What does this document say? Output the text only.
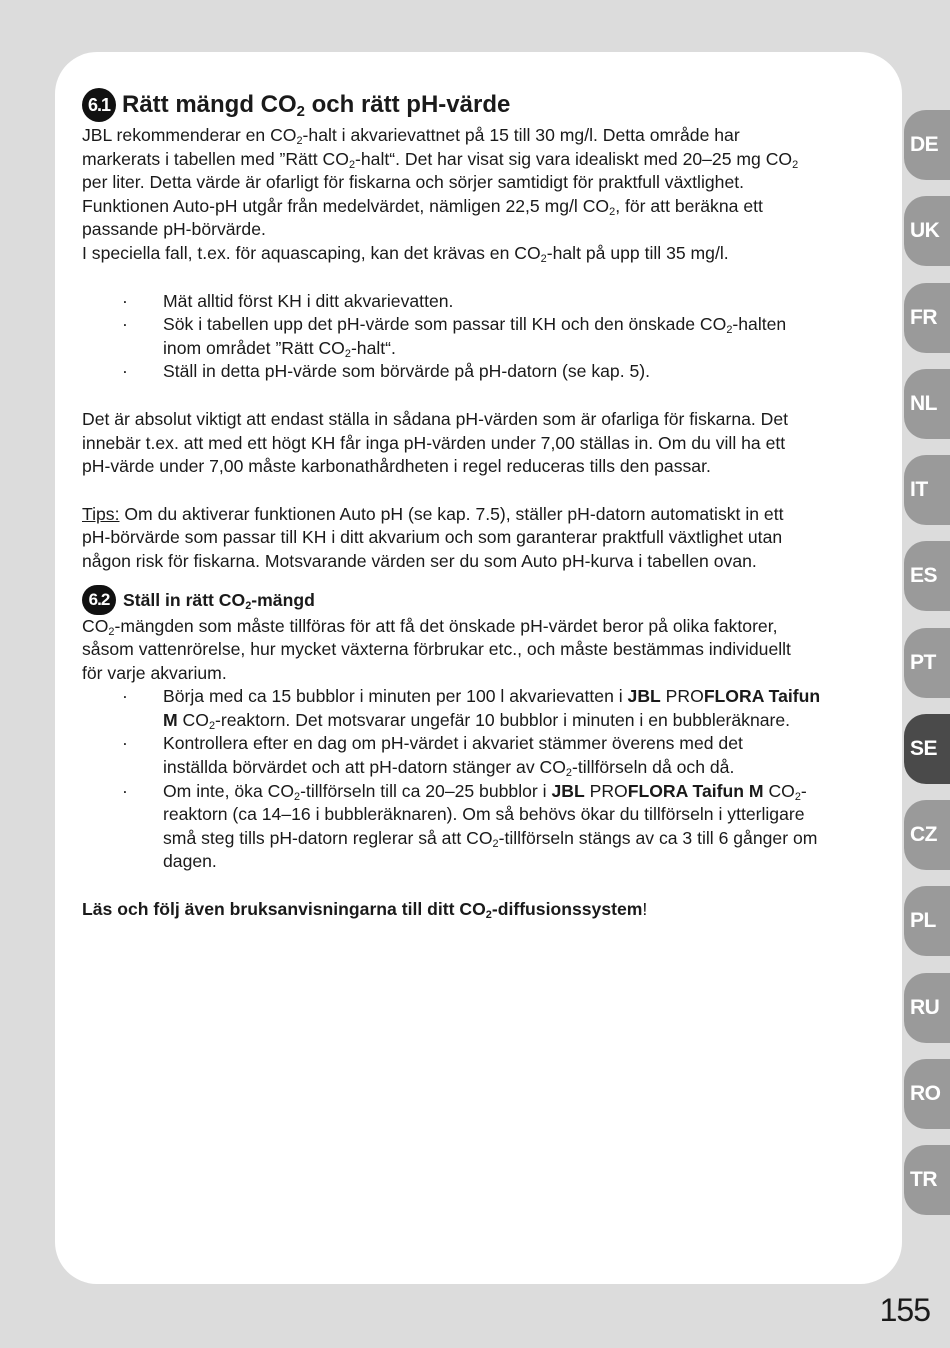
6.1 Rätt mängd $CO_2$ och rätt pH-värde

JBL rekommenderar en $CO_2$-halt i akvarievattnet på 15 till 30 mg/l. Detta område har

markerats i tabellen med ”Rätt $CO_2-halt“$. Det har visat sig vara idealiskt med 20–25 mg $CO_2$

per liter. Detta värde är ofarligt för fiskarna och sörjer samtidigt för praktfull växtlighet.

Funktionen Auto-pH utgår från medelvärdet, nämligen 22,5 mg/l $CO_2$, för att beräkna ett

passande pH-börvärde.

I speciella fall, t.ex. för aquascaping, kan det krävas en $CO_2$-halt på upp till 35 mg/l.

· Mät alltid först KH i ditt akvarievatten.
· Sök i tabellen upp det pH-värde som passar till KH och den önskade $CO_2$-halten
inom området ”Rätt $CO_2-halt“$.
· Ställ in detta pH-värde som börvärde på pH-datorn (se kap. 5).

Det är absolut viktigt att endast ställa in sådana pH-värden som är ofarliga för fiskarna. Det

innebär t.ex. att med ett högt KH får inga pH-värden under 7,00 ställas in. Om du vill ha ett

pH-värde under 7,00 måste karbonathårdheten i regel reduceras tills den passar.

Tips: Om du aktiverar funktionen Auto pH (se kap. 7.5), ställer pH-datorn automatiskt in ett

pH-börvärde som passar till KH i ditt akvarium och som garanterar praktfull växtlighet utan

någon risk för fiskarna. Motsvarande värden ser du som Auto pH-kurva i tabellen ovan.

6.2 Ställ in rätt $CO_2$-mängd

$CO_2$-mängden som måste tillföras för att få det önskade pH-värdet beror på olika faktorer,

såsom vattenrörelse, hur mycket växterna förbrukar etc., och måste bestämmas individuellt

för varje akvarium.

· Börja med ca 15 bubblor i minuten per 100 l akvarievatten i JBL PROFLORA Taifun
M $CO_2$-reaktorn. Det motsvarar ungefär 10 bubblor i minuten i en bubbleräknare.
· Kontrollera efter en dag om pH-värdet i akvariet stämmer överens med det
inställda börvärdet och att pH-datorn stänger av $CO_2$-tillförseln då och då.
· Om inte, öka $CO_2$-tillförseln till ca 20–25 bubblor i JBL PROFLORA Taifun M $CO_2-$
reaktorn (ca 14–16 i bubbleräknaren). Om så behövs ökar du tillförseln i ytterligare
små steg tills pH-datorn reglerar så att $CO_2$-tillförseln stängs av ca 3 till 6 gånger om
dagen.

Läs och följ även bruksanvisningarna till ditt $CO_2$-diffusionssystem!

DE
UK
FR
NL
IT
ES
PT
SE
CZ
PL
RU
RO
TR
155
